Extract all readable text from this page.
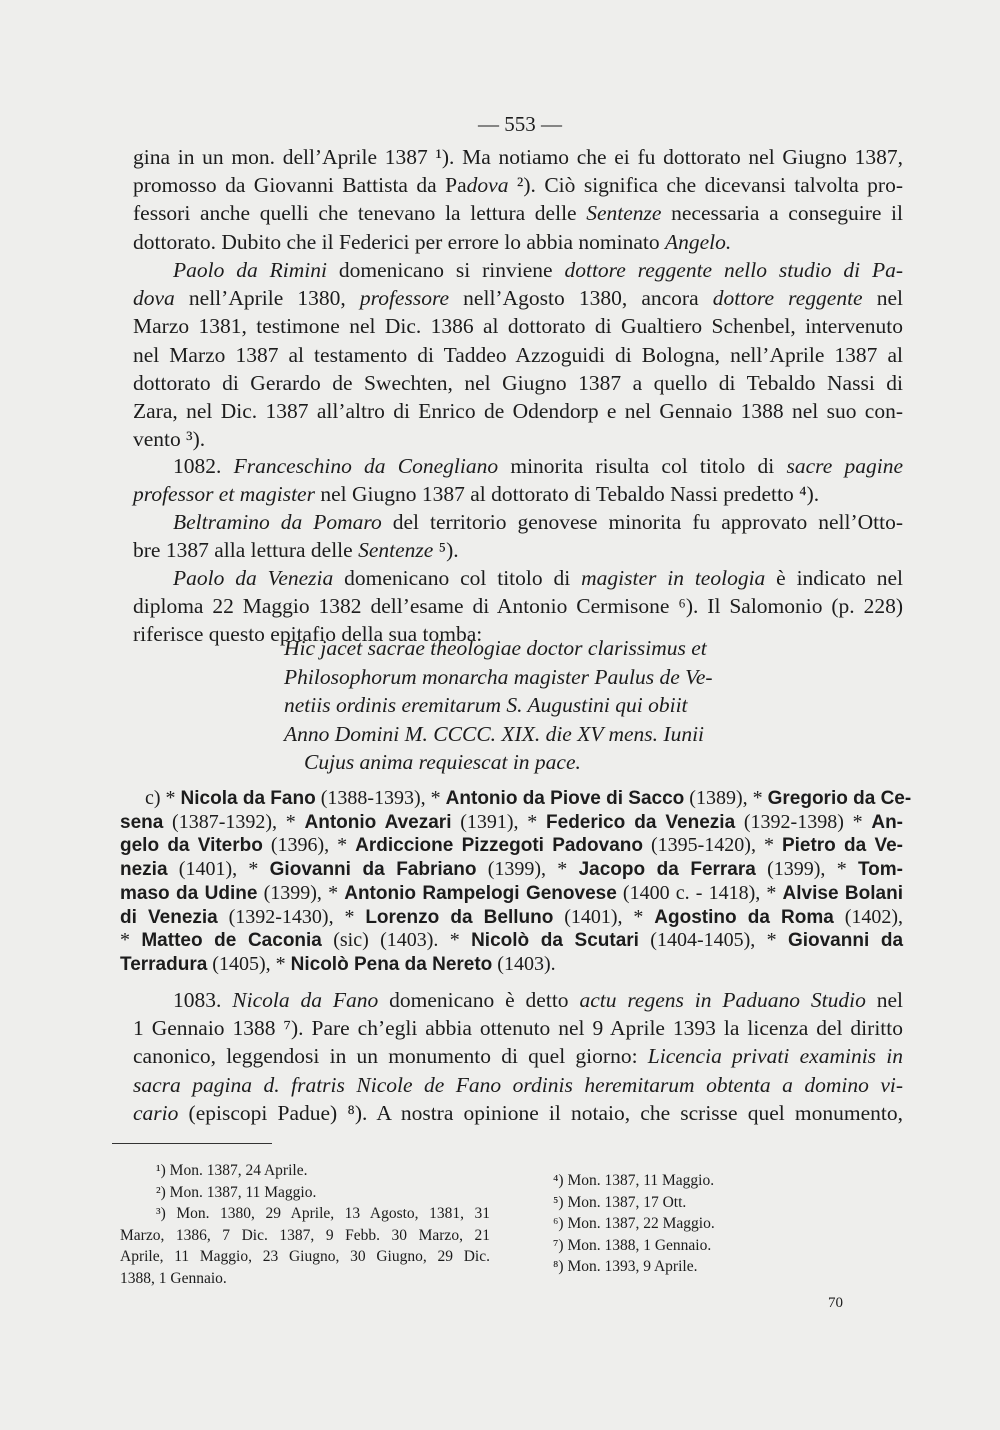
— 553 —
gina in un mon. dell’Aprile 1387 ¹). Ma notiamo che ei fu dottorato nel Giugno 1387,
promosso da Giovanni Battista da Padova ²). Ciò significa che dicevansi talvolta pro-
fessori anche quelli che tenevano la lettura delle Sentenze necessaria a conseguire il
dottorato. Dubito che il Federici per errore lo abbia nominato Angelo.
Paolo da Rimini domenicano si rinviene dottore reggente nello studio di Pa-
dova nell’Aprile 1380, professore nell’Agosto 1380, ancora dottore reggente nel
Marzo 1381, testimone nel Dic. 1386 al dottorato di Gualtiero Schenbel, intervenuto
nel Marzo 1387 al testamento di Taddeo Azzoguidi di Bologna, nell’Aprile 1387 al
dottorato di Gerardo de Swechten, nel Giugno 1387 a quello di Tebaldo Nassi di
Zara, nel Dic. 1387 all’altro di Enrico de Odendorp e nel Gennaio 1388 nel suo con-
vento ³).
1082. Franceschino da Conegliano minorita risulta col titolo di sacre pagine
professor et magister nel Giugno 1387 al dottorato di Tebaldo Nassi predetto ⁴).
Beltramino da Pomaro del territorio genovese minorita fu approvato nell’Otto-
bre 1387 alla lettura delle Sentenze ⁵).
Paolo da Venezia domenicano col titolo di magister in teologia è indicato nel
diploma 22 Maggio 1382 dell’esame di Antonio Cermisone ⁶). Il Salomonio (p. 228)
riferisce questo epitafio della sua tomba:
Hic jacet sacrae theologiae doctor clarissimus et
Philosophorum monarcha magister Paulus de Ve-
netiis ordinis eremitarum S. Augustini qui obiit
Anno Domini M. CCCC. XIX. die XV mens. Iunii
Cujus anima requiescat in pace.
c) * Nicola da Fano (1388-1393), * Antonio da Piove di Sacco (1389), * Gregorio da Ce-
sena (1387-1392), * Antonio Avezari (1391), * Federico da Venezia (1392-1398) * An-
gelo da Viterbo (1396), * Ardiccione Pizzegoti Padovano (1395-1420), * Pietro da Ve-
nezia (1401), * Giovanni da Fabriano (1399), * Jacopo da Ferrara (1399), * Tom-
maso da Udine (1399), * Antonio Rampelogi Genovese (1400 c. - 1418), * Alvise Bolani
di Venezia (1392-1430), * Lorenzo da Belluno (1401), * Agostino da Roma (1402),
* Matteo de Caconia (sic) (1403). * Nicolò da Scutari (1404-1405), * Giovanni da
Terradura (1405), * Nicolò Pena da Nereto (1403).
1083. Nicola da Fano domenicano è detto actu regens in Paduano Studio nel
1 Gennaio 1388 ⁷). Pare ch’egli abbia ottenuto nel 9 Aprile 1393 la licenza del diritto
canonico, leggendosi in un monumento di quel giorno: Licencia privati examinis in
sacra pagina d. fratris Nicole de Fano ordinis heremitarum obtenta a domino vi-
cario (episcopi Padue) ⁸). A nostra opinione il notaio, che scrisse quel monumento,
¹) Mon. 1387, 24 Aprile.
²) Mon. 1387, 11 Maggio.
³) Mon. 1380, 29 Aprile, 13 Agosto, 1381, 31
Marzo, 1386, 7 Dic. 1387, 9 Febb. 30 Marzo, 21
Aprile, 11 Maggio, 23 Giugno, 30 Giugno, 29 Dic.
1388, 1 Gennaio.
⁴) Mon. 1387, 11 Maggio.
⁵) Mon. 1387, 17 Ott.
⁶) Mon. 1387, 22 Maggio.
⁷) Mon. 1388, 1 Gennaio.
⁸) Mon. 1393, 9 Aprile.
70
